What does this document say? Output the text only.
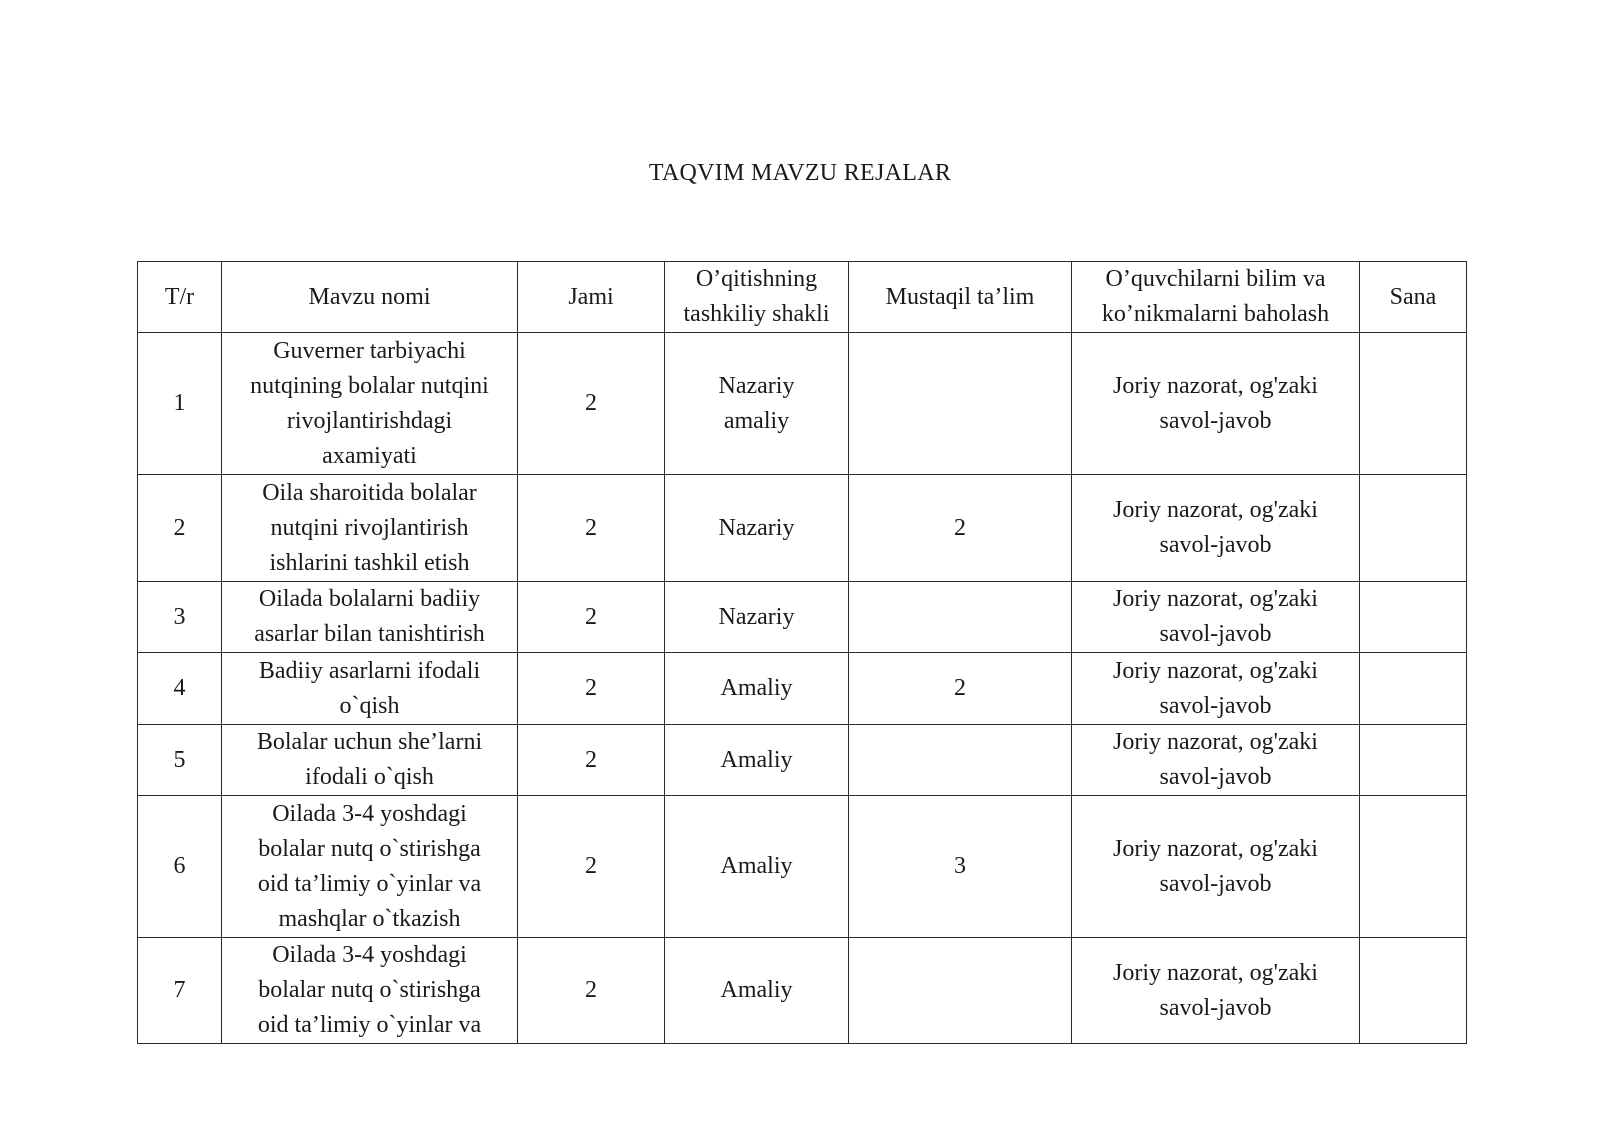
TAQVIM MAVZU REJALAR
T/r	Mavzu nomi	Jami	O’qitishning
tashkiliy shakli	Mustaqil ta’lim	O’quvchilarni bilim va
ko’nikmalarni baholash	Sana

1	Guverner tarbiyachi
nutqining bolalar nutqini
rivojlantirishdagi
axamiyati	2	Nazariy
amaliy		Joriy nazorat, og'zaki
savol-javob	

2	Oila sharoitida bolalar
nutqini rivojlantirish
ishlarini tashkil etish	2	Nazariy	2	Joriy nazorat, og'zaki
savol-javob	

3	Oilada bolalarni badiiy
asarlar bilan tanishtirish	2	Nazariy		Joriy nazorat, og'zaki
savol-javob	

4	Badiiy asarlarni ifodali
o`qish	2	Amaliy	2	Joriy nazorat, og'zaki
savol-javob	

5	Bolalar uchun she’larni
ifodali o`qish	2	Amaliy		Joriy nazorat, og'zaki
savol-javob	

6	Oilada 3-4 yoshdagi
bolalar nutq o`stirishga
oid ta’limiy o`yinlar va
mashqlar o`tkazish	2	Amaliy	3	Joriy nazorat, og'zaki
savol-javob	

7	Oilada 3-4 yoshdagi
bolalar nutq o`stirishga
oid ta’limiy o`yinlar va	2	Amaliy		Joriy nazorat, og'zaki
savol-javob	
